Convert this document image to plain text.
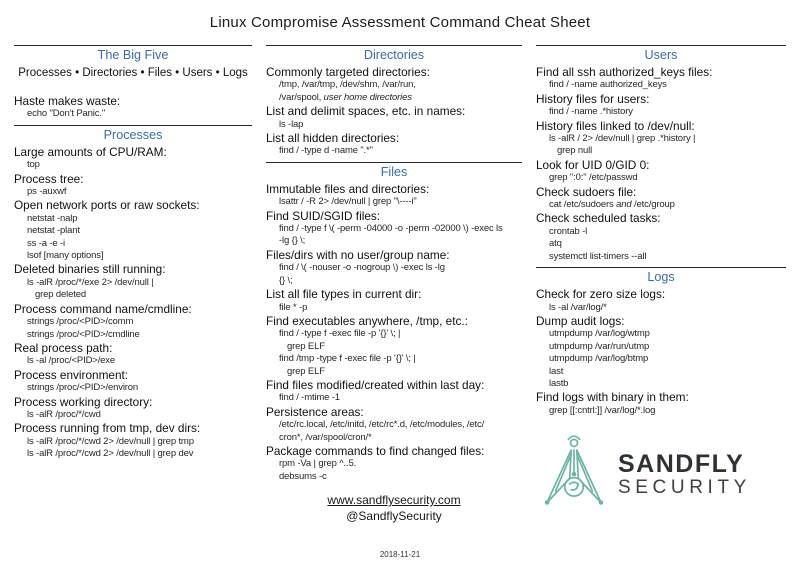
Linux Compromise Assessment Command Cheat Sheet
The Big Five
Processes • Directories • Files • Users • Logs
Haste makes waste:
echo "Don't Panic."
Processes
Large amounts of CPU/RAM:
top
Process tree:
ps -auxwf
Open network ports or raw sockets:
netstat -nalp
netstat -plant
ss -a -e -i
lsof [many options]
Deleted binaries still running:
ls -alR /proc/*/exe 2> /dev/null |
grep deleted
Process command name/cmdline:
strings /proc/<PID>/comm
strings /proc/<PID>/cmdline
Real process path:
ls -al /proc/<PID>/exe
Process environment:
strings /proc/<PID>/environ
Process working directory:
ls -alR /proc/*/cwd
Process running from tmp, dev dirs:
ls -alR /proc/*/cwd 2> /dev/null | grep tmp
ls -alR /proc/*/cwd 2> /dev/null | grep dev
Directories
Commonly targeted directories:
/tmp, /var/tmp, /dev/shm, /var/run,
/var/spool, user home directories
List and delimit spaces, etc. in names:
ls -lap
List all hidden directories:
find / -type d -name ".*"
Files
Immutable files and directories:
lsattr / -R 2> /dev/null | grep "\----i"
Find SUID/SGID files:
find / -type f \( -perm -04000 -o -perm -02000 \) -exec ls
-lg {} \;
Files/dirs with no user/group name:
find / \( -nouser -o -nogroup \) -exec ls -lg
{} \;
List all file types in current dir:
file * -p
Find executables anywhere, /tmp, etc.:
find / -type f -exec file -p '{}' \; |
grep ELF
find /tmp -type f -exec file -p '{}' \; |
grep ELF
Find files modified/created within last day:
find / -mtime -1
Persistence areas:
/etc/rc.local, /etc/initd, /etc/rc*.d, /etc/modules, /etc/
cron*, /var/spool/cron/*
Package commands to find changed files:
rpm -Va | grep ^..5.
debsums -c
www.sandflysecurity.com
@SandflySecurity
Users
Find all ssh authorized_keys files:
find / -name authorized_keys
History files for users:
find / -name .*history
History files linked to /dev/null:
ls -alR / 2> /dev/null | grep .*history |
grep null
Look for UID 0/GID 0:
grep ":0:" /etc/passwd
Check sudoers file:
cat /etc/sudoers and /etc/group
Check scheduled tasks:
crontab -l
atq
systemctl list-timers --all
Logs
Check for zero size logs:
ls -al /var/log/*
Dump audit logs:
utmpdump /var/log/wtmp
utmpdump /var/run/utmp
utmpdump /var/log/btmp
last
lastb
Find logs with binary in them:
grep [[:cntrl:]] /var/log/*.log
SANDFLY
SECURITY
2018-11-21
